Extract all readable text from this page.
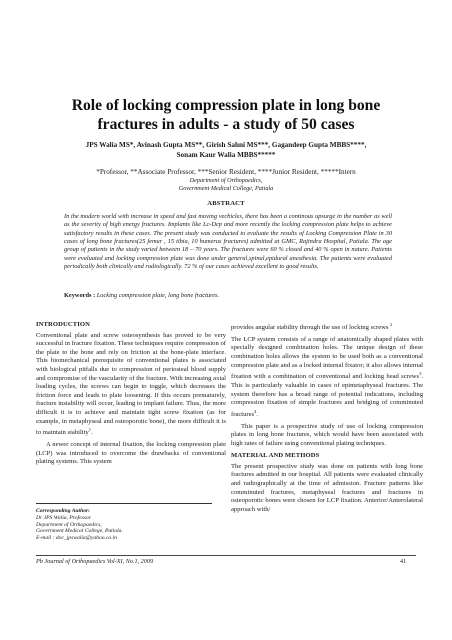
Role of locking compression plate in long bone fractures in adults - a study of 50 cases
JPS Walia MS*, Avinash Gupta MS**, Girish Sahni MS***, Gagandeep Gupta MBBS****,
Sonam Kaur Walia MBBS*****
*Professor, **Associate Professor, ***Senior Resident, ****Junior Resident, *****Intern
Department of Orthopaedics,
Government Medical College, Patiala
ABSTRACT
In the modern world with increase in speed and fast moving vechicles, there has been a continous upsurge in the number as well as the severity of high energy fractures. Implants like Lc-Dcp and more recently the locking compression plate helps to achieve satisfactory results in these cases. The present study was conducted to evaluate the results of Locking Compression Plate in 30 cases of long bone fractures(25 femur , 15 tibia, 10 humerus fractures) admitted at GMC, Rajindra Hospital, Patiala. The age group of patients in the study varied between 18 – 70 years. The fractures were 60 % closed and 40 % open in nature. Patients were evaluated and locking compression plate was done under general,spinal,epidural anesthesia. The patients were evaluated periodically both clinically and radiologically. 72 % of our cases achieved excellent to good results.
Keywords : Locking compression plate, long bone fractures.
INTRODUCTION

Conventional plate and screw osteosynthesis has proved to be very successful in fracture fixation. These techniques require compression of the plate to the bone and rely on friction at the bone-plate interface. This biomechanical prerequisite of conventional plates is associated with biological pitfalls due to compression of periosteal blood supply and compromise of the vascularity of the fracture. With increasing axial loading cycles, the screws can begin to toggle, which decreases the friction force and leads to plate loosening. If this occurs prematurely, fracture instability will occur, leading to implant failure. Thus, the more difficult it is to achieve and maintain tight screw fixation (as for example, in metaphyseal and osteoporotic bone), the more difficult it is to maintain stability$^1$.

A newer concept of internal fixation, the locking compression plate (LCP) was introduced to overcome the drawbacks of conventional plating systems. This system

Corresponding Author:
Dr JPS Walia, Professor
Department of Orthopaedics,
Government Medical College, Patiala.
E-mail : doc_jpswalia@yahoo.co.in

provides angular stability through the use of locking screws $^2$

The LCP system consists of a range of anatomically shaped plates with specially designed combination holes. The unique design of these combination holes allows the system to be used both as a conventional compression plate and as a locked internal fixator; it also allows internal fixation with a combination of conventional and locking head screws$^3$. This is particularly valuable in cases of epimetaphyseal fractures. The system therefore has a broad range of potential indications, including compression fixation of simple fractures and bridging of comminuted fractures$^4$.

This paper is a prospective study of use of locking compression plates in long bone fractures, which would have been associated with high rates of failure using conventional plating techniques.

MATERIAL AND METHODS

The present prospective study was done on patients with long bone fractures admitted in our hospital. All patients were evaluated clinically and radiographically at the time of admission. Fracture patterns like comminuted fractures, metaphyseal fractures and fractures in osteoporotic bones were chosen for LCP fixation. Anterior/Anterolateral approach with/

Pb Journal of Orthopaedics Vol-XI, No.1, 2009	41
